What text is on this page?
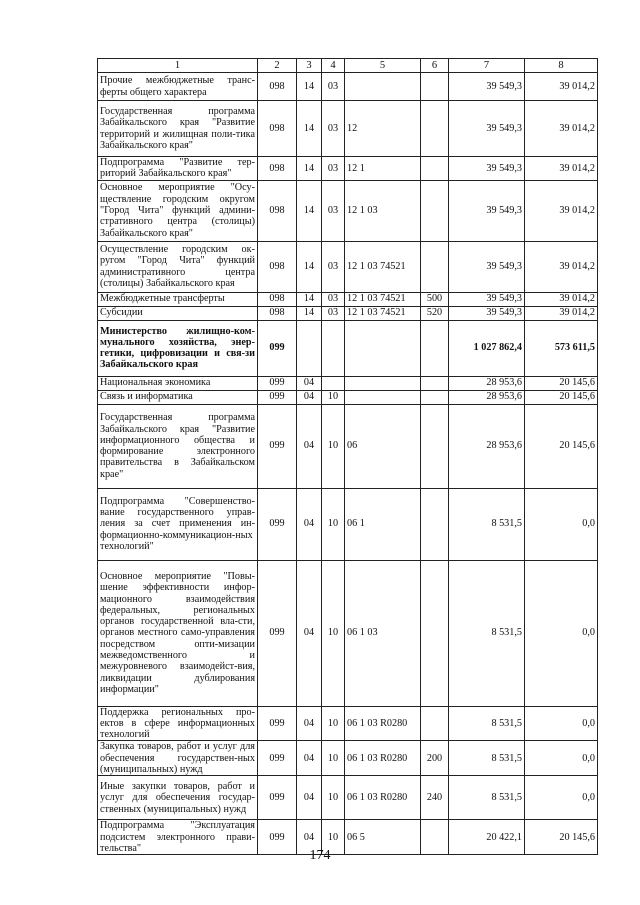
1	2	3	4	5	6	7	8
Прочие межбюджетные транс-ферты общего характера	098	14	03			39 549,3	39 014,2
Государственная программа Забайкальского края "Развитие территорий и жилищная поли-тика Забайкальского края"	098	14	03	12		39 549,3	39 014,2
Подпрограмма "Развитие тер-риторий Забайкальского края"	098	14	03	12 1		39 549,3	39 014,2
Основное мероприятие "Осу-ществление городским округом "Город Чита" функций админи-стративного центра (столицы) Забайкальского края"	098	14	03	12 1 03		39 549,3	39 014,2
Осуществление городским ок-ругом "Город Чита" функций административного центра (столицы) Забайкальского края	098	14	03	12 1 03 74521		39 549,3	39 014,2
Межбюджетные трансферты	098	14	03	12 1 03 74521	500	39 549,3	39 014,2
Субсидии	098	14	03	12 1 03 74521	520	39 549,3	39 014,2
Министерство жилищно-ком-мунального хозяйства, энер-гетики, цифровизации и свя-зи Забайкальского края	099					1 027 862,4	573 611,5
Национальная экономика	099	04				28 953,6	20 145,6
Связь и информатика	099	04	10			28 953,6	20 145,6
Государственная программа Забайкальского края "Развитие информационного общества и формирование электронного правительства в Забайкальском крае"	099	04	10	06		28 953,6	20 145,6
Подпрограмма "Совершенство-вание государственного управ-ления за счет применения ин-формационно-коммуникацион-ных технологий"	099	04	10	06 1		8 531,5	0,0
Основное мероприятие "Повы-шение эффективности инфор-мационного взаимодействия федеральных, региональных органов государственной вла-сти, органов местного само-управления посредством опти-мизации межведомственного и межуровневого взаимодейст-вия, ликвидации дублирования информации"	099	04	10	06 1 03		8 531,5	0,0
Поддержка региональных про-ектов в сфере информационных технологий	099	04	10	06 1 03 R0280		8 531,5	0,0
Закупка товаров, работ и услуг для обеспечения государствен-ных (муниципальных) нужд	099	04	10	06 1 03 R0280	200	8 531,5	0,0
Иные закупки товаров, работ и услуг для обеспечения государ-ственных (муниципальных) нужд	099	04	10	06 1 03 R0280	240	8 531,5	0,0
Подпрограмма "Эксплуатация подсистем электронного прави-тельства"	099	04	10	06 5		20 422,1	20 145,6
174
